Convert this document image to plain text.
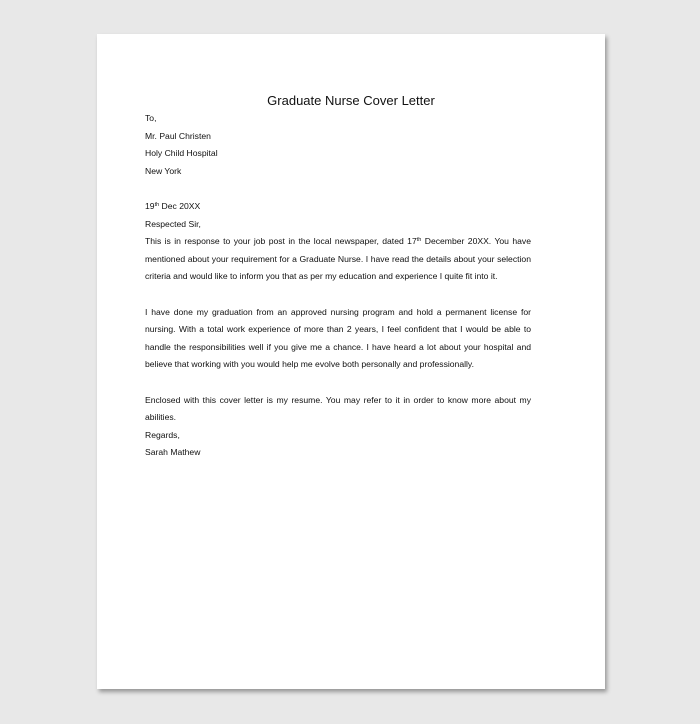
Graduate Nurse Cover Letter
To,
Mr. Paul Christen
Holy Child Hospital
New York
19th Dec 20XX
Respected Sir,

This is in response to your job post in the local newspaper, dated 17th December 20XX. You have mentioned about your requirement for a Graduate Nurse. I have read the details about your selection criteria and would like to inform you that as per my education and experience I quite fit into it.

I have done my graduation from an approved nursing program and hold a permanent license for nursing. With a total work experience of more than 2 years, I feel confident that I would be able to handle the responsibilities well if you give me a chance. I have heard a lot about your hospital and believe that working with you would help me evolve both personally and professionally.

Enclosed with this cover letter is my resume. You may refer to it in order to know more about my abilities.

Regards,
Sarah Mathew
